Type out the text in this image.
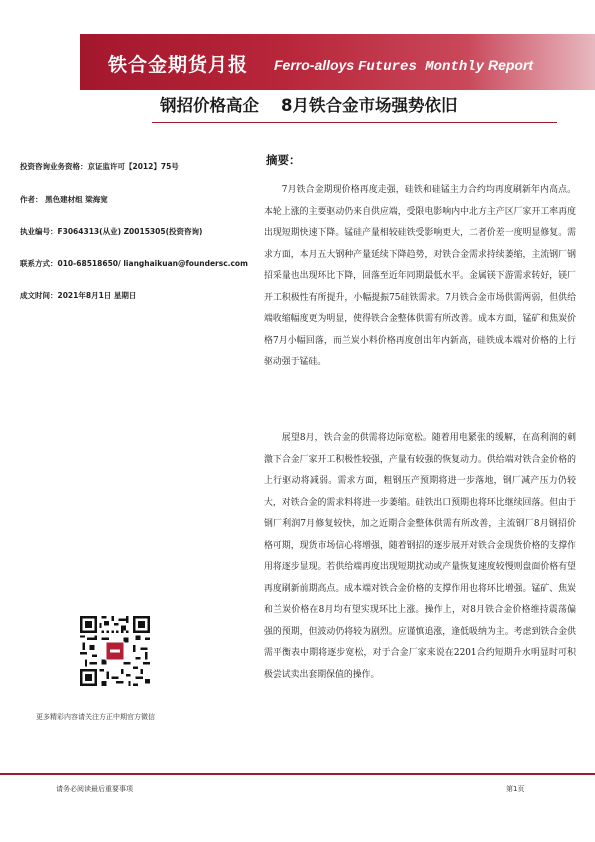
铁合金期货月报 Ferro-alloys Futures Monthly Report
钢招价格高企 8月铁合金市场强势依旧
投资咨询业务资格：京证监许可【2012】75号
作者： 黑色建材组 梁海宽
执业编号：F3064313(从业) Z0015305(投资咨询)
联系方式：010-68518650/ lianghaikuan@foundersc.com
成文时间：2021年8月1日 星期日
摘要：
7月铁合金期现价格再度走强，硅铁和硅锰主力合约均再度刷新年内高点。本轮上涨的主要驱动仍来自供应端，受限电影响内中北方主产区厂家开工率再度出现短期快速下降。锰硅产量相较硅铁受影响更大，二者价差一度明显修复。需求方面，本月五大钢种产量延续下降趋势，对铁合金需求持续萎缩，主流钢厂钢招采量也出现环比下降，回落至近年同期最低水平。金属镁下游需求转好，镁厂开工积极性有所提升，小幅提振75硅铁需求。7月铁合金市场供需两弱，但供给端收缩幅度更为明显，使得铁合金整体供需有所改善。成本方面，锰矿和焦炭价格7月小幅回落，而兰炭小料价格再度创出年内新高，硅铁成本端对价格的上行驱动强于锰硅。
展望8月，铁合金的供需将边际宽松。随着用电紧张的缓解，在高利润的刺激下合金厂家开工积极性较强，产量有较强的恢复动力。供给端对铁合金价格的上行驱动将减弱。需求方面，粗钢压产预期将进一步落地，钢厂减产压力仍较大，对铁合金的需求料将进一步萎缩。硅铁出口预期也将环比继续回落。但由于钢厂利润7月修复较快，加之近期合金整体供需有所改善，主流钢厂8月钢招价格可期，现货市场信心将增强，随着钢招的逐步展开对铁合金现货价格的支撑作用将逐步显现。若供给端再度出现短期扰动或产量恢复速度较慢则盘面价格有望再度刷新前期高点。成本端对铁合金价格的支撑作用也将环比增强。锰矿、焦炭和兰炭价格在8月均有望实现环比上涨。操作上，对8月铁合金价格维持震荡偏强的预期，但波动仍将较为剧烈。应谨慎追涨，逢低吸纳为主。考虑到铁合金供需平衡表中期将逐步宽松，对于合金厂家来说在2201合约短期升水明显时可积极尝试卖出套期保值的操作。
更多精彩内容请关注方正中期官方微信
请务必阅读最后重要事项	第1页
